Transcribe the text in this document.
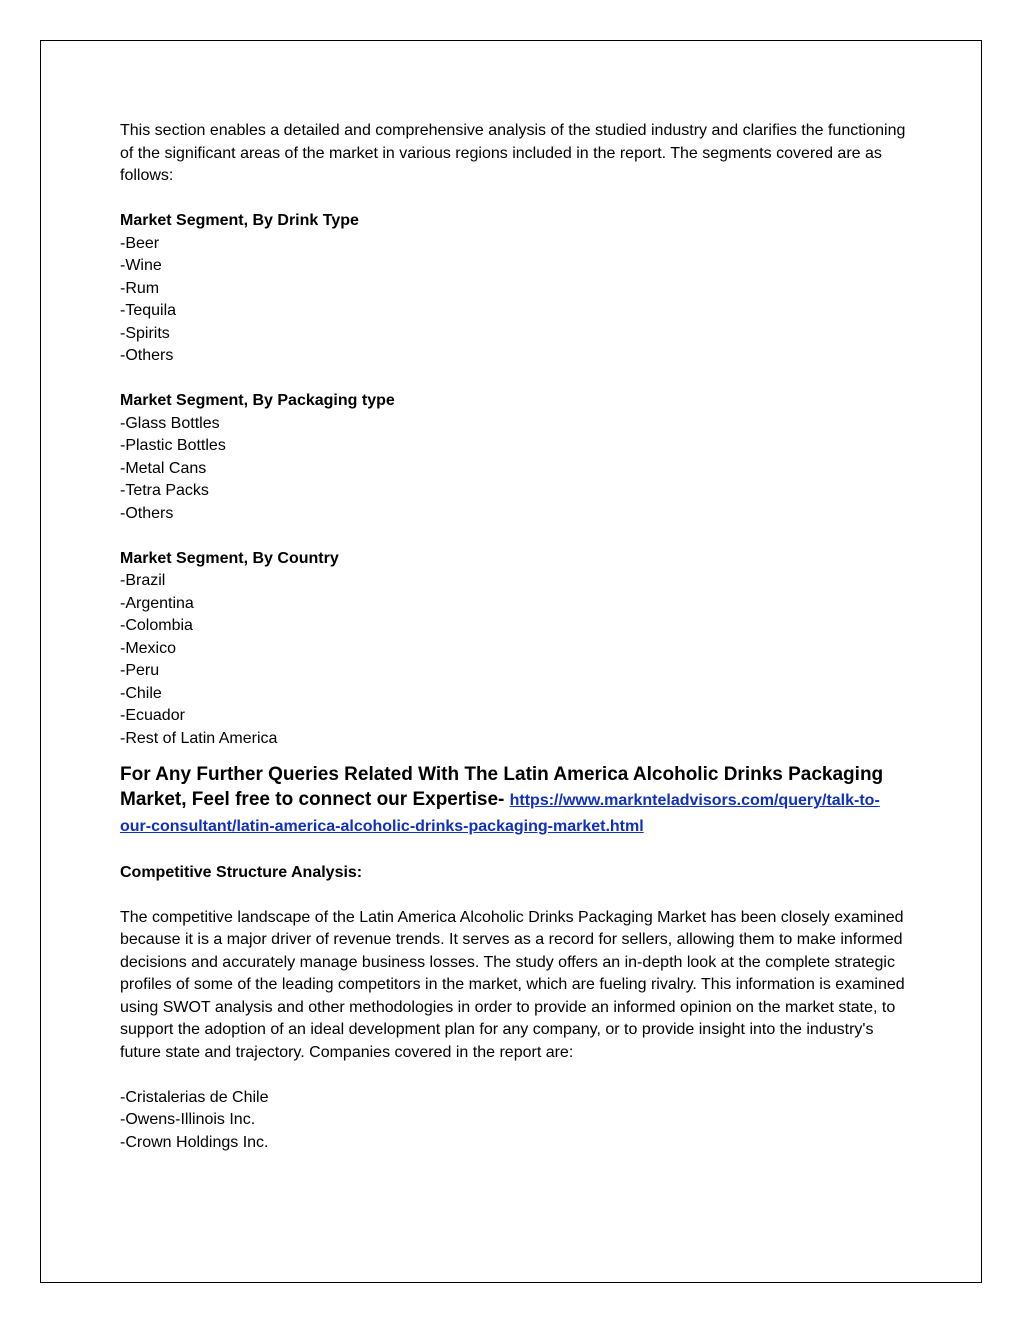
This section enables a detailed and comprehensive analysis of the studied industry and clarifies the functioning of the significant areas of the market in various regions included in the report. The segments covered are as follows:

Market Segment, By Drink Type

-Beer

-Wine

-Rum

-Tequila

-Spirits

-Others

Market Segment, By Packaging type

-Glass Bottles

-Plastic Bottles

-Metal Cans

-Tetra Packs

-Others

Market Segment, By Country

-Brazil

-Argentina

-Colombia

-Mexico

-Peru

-Chile

-Ecuador

-Rest of Latin America

For Any Further Queries Related With The Latin America Alcoholic Drinks Packaging Market, Feel free to connect our Expertise- https://www.marknteladvisors.com/query/talk-to-our-consultant/latin-america-alcoholic-drinks-packaging-market.html

Competitive Structure Analysis:

The competitive landscape of the Latin America Alcoholic Drinks Packaging Market has been closely examined because it is a major driver of revenue trends. It serves as a record for sellers, allowing them to make informed decisions and accurately manage business losses. The study offers an in-depth look at the complete strategic profiles of some of the leading competitors in the market, which are fueling rivalry. This information is examined using SWOT analysis and other methodologies in order to provide an informed opinion on the market state, to support the adoption of an ideal development plan for any company, or to provide insight into the industry's future state and trajectory. Companies covered in the report are:

-Cristalerias de Chile

-Owens-Illinois Inc.

-Crown Holdings Inc.
